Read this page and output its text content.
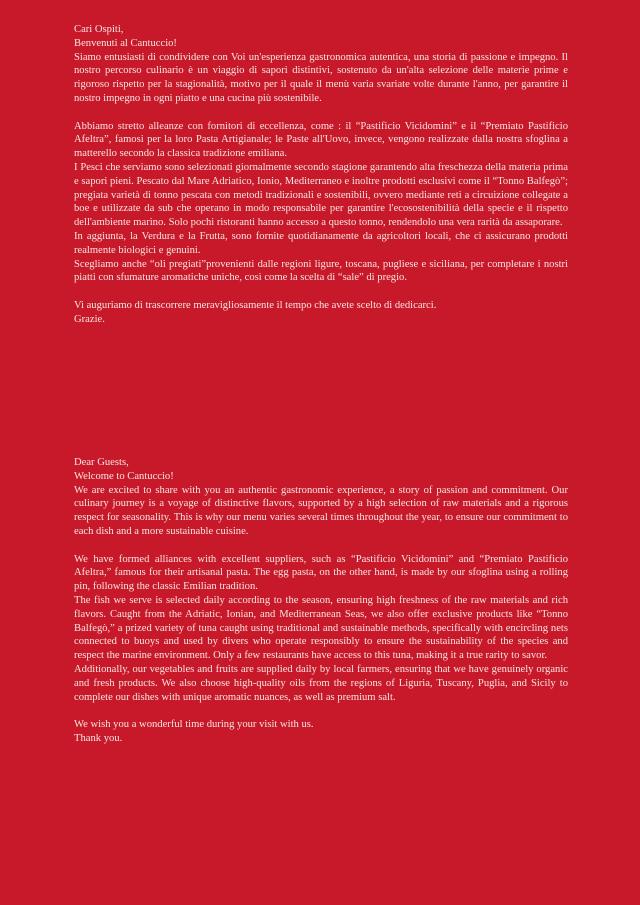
Cari Ospiti,
Benvenuti al Cantuccio!

Siamo entusiasti di condividere con Voi un'esperienza gastronomica autentica, una storia di passione e impegno. Il nostro percorso culinario è un viaggio di sapori distintivi, sostenuto da un'alta selezione delle materie prime e rigoroso rispetto per la stagionalità, motivo per il quale il menù varia svariate volte durante l'anno, per garantire il nostro impegno in ogni piatto e una cucina più sostenibile.

Abbiamo stretto alleanze con fornitori di eccellenza, come : il “Pastificio Vicidomini” e il “Premiato Pastificio Afeltra”, famosi per la loro Pasta Artigianale; le Paste all'Uovo, invece, vengono realizzate dalla nostra sfoglina a matterello secondo la classica tradizione emiliana.

I Pesci che serviamo sono selezionati giornalmente secondo stagione garantendo alta freschezza della materia prima e sapori pieni. Pescato dal Mare Adriatico, Ionio, Mediterraneo e inoltre prodotti esclusivi come il “Tonno Balfegò”; pregiata varietà di tonno pescata con metodi tradizionali e sostenibili, ovvero mediante reti a circuizione collegate a boe e utilizzate da sub che operano in modo responsabile per garantire l'ecosostenibilità della specie e il rispetto dell'ambiente marino. Solo pochi ristoranti hanno accesso a questo tonno, rendendolo una vera rarità da assaporare.

In aggiunta, la Verdura e la Frutta, sono fornite quotidianamente da agricoltori locali, che ci assicurano prodotti realmente biologici e genuini.

Scegliamo anche “oli pregiati”provenienti dalle regioni ligure, toscana, pugliese e siciliana, per completare i nostri piatti con sfumature aromatiche uniche, così come la scelta di “sale” di pregio.

Vi auguriamo di trascorrere meravigliosamente il tempo che avete scelto di dedicarci.

Grazie.

Dear Guests,
Welcome to Cantuccio!

We are excited to share with you an authentic gastronomic experience, a story of passion and commitment. Our culinary journey is a voyage of distinctive flavors, supported by a high selection of raw materials and a rigorous respect for seasonality. This is why our menu varies several times throughout the year, to ensure our commitment to each dish and a more sustainable cuisine.

We have formed alliances with excellent suppliers, such as “Pastificio Vicidomini” and “Premiato Pastificio Afeltra,” famous for their artisanal pasta. The egg pasta, on the other hand, is made by our sfoglina using a rolling pin, following the classic Emilian tradition.

The fish we serve is selected daily according to the season, ensuring high freshness of the raw materials and rich flavors. Caught from the Adriatic, Ionian, and Mediterranean Seas, we also offer exclusive products like “Tonno Balfegò,” a prized variety of tuna caught using traditional and sustainable methods, specifically with encircling nets connected to buoys and used by divers who operate responsibly to ensure the sustainability of the species and respect the marine environment. Only a few restaurants have access to this tuna, making it a true rarity to savor.

Additionally, our vegetables and fruits are supplied daily by local farmers, ensuring that we have genuinely organic and fresh products. We also choose high-quality oils from the regions of Liguria, Tuscany, Puglia, and Sicily to complete our dishes with unique aromatic nuances, as well as premium salt.

We wish you a wonderful time during your visit with us.

Thank you.
